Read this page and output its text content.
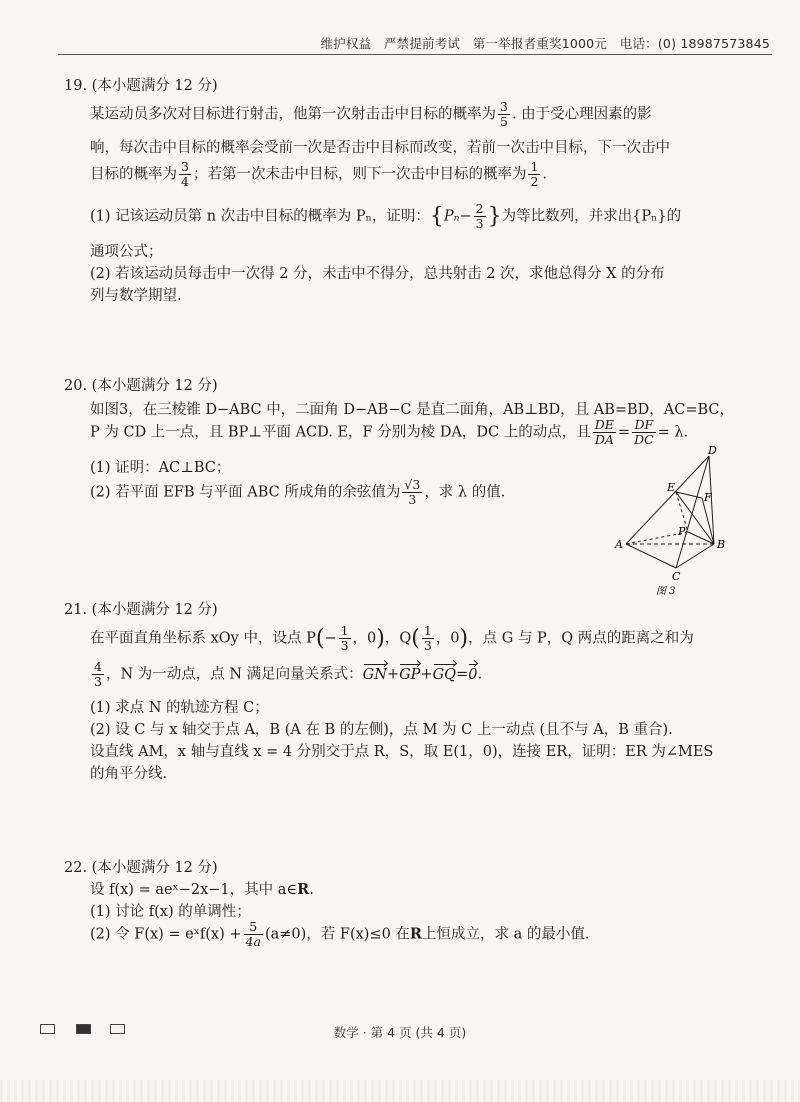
维护权益　严禁提前考试　第一举报者重奖1000元　电话：(0) 18987573845
19. (本小题满分 12 分)
某运动员多次对目标进行射击，他第一次射击击中目标的概率为 $\frac{3}{5}$ . 由于受心理因素的影
响，每次击中目标的概率会受前一次是否击中目标而改变，若前一次击中目标，下一次击中
目标的概率为 $\frac{3}{4}$ ；若第一次未击中目标，则下一次击中目标的概率为 $\frac{1}{2}$ .
(1) 记该运动员第 n 次击中目标的概率为 Pₙ，证明：{$P_n- \frac{2}{3}$ }为等比数列，并求出{Pₙ}的
通项公式；
(2) 若该运动员每击中一次得 2 分，未击中不得分，总共射击 2 次，求他总得分 X 的分布
列与数学期望.
20. (本小题满分 12 分)
如图3，在三棱锥 D−ABC 中，二面角 D−AB−C 是直二面角，AB⊥BD，且 AB=BD，AC=BC，
P 为 CD 上一点，且 BP⊥平面 ACD. E，F 分别为棱 DA，DC 上的动点，且 $\frac{DE}{DA} = \frac{DF}{DC} = \lambda$.
(1) 证明：AC⊥BC；
(2) 若平面 EFB 与平面 ABC 所成角的余弦值为 $\frac{√3}{3}$ ，求 λ 的值.
D
E
F
P
A	B
C
图 3
21. (本小题满分 12 分)
在平面直角坐标系 xOy 中，设点 $P(- \frac{1}{3}$ ，0)，$Q( \frac{1}{3}$ ，0)，点 G 与 P，Q 两点的距离之和为
$\frac{4}{3}$ ，N 为一动点，点 N 满足向量关系式：GN+GP+GQ=0.
(1) 求点 N 的轨迹方程 C；
(2) 设 C 与 x 轴交于点 A，B (A 在 B 的左侧)，点 M 为 C 上一动点 (且不与 A，B 重合).
设直线 AM，x 轴与直线 x = 4 分别交于点 R，S，取 E(1，0)，连接 ER，证明：ER 为∠MES
的角平分线.
22. (本小题满分 12 分)
设 f(x) = aeˣ−2x−1，其中 a∈R.
(1) 讨论 f(x) 的单调性；
(2) 令 F(x) = eˣf(x) + $\frac{5}{4a} (a\ne 0)$，若 F(x)≤0 在R上恒成立，求 a 的最小值.
数学 · 第 4 页 (共 4 页)
